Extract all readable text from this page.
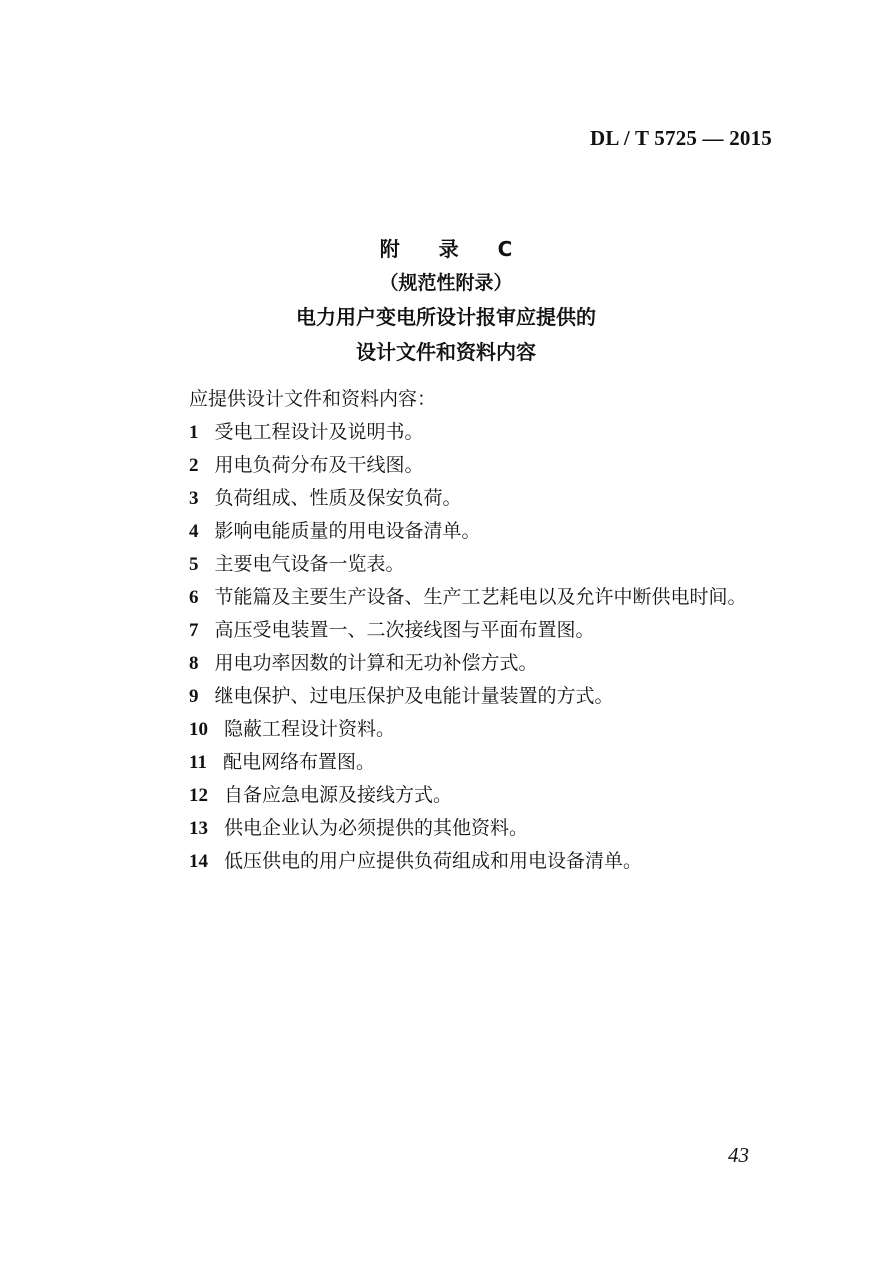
DL / T 5725 — 2015
附 录 C
（规范性附录）
电力用户变电所设计报审应提供的
设计文件和资料内容
应提供设计文件和资料内容：
1 受电工程设计及说明书。
2 用电负荷分布及干线图。
3 负荷组成、性质及保安负荷。
4 影响电能质量的用电设备清单。
5 主要电气设备一览表。
6 节能篇及主要生产设备、生产工艺耗电以及允许中断供电时间。
7 高压受电装置一、二次接线图与平面布置图。
8 用电功率因数的计算和无功补偿方式。
9 继电保护、过电压保护及电能计量装置的方式。
10 隐蔽工程设计资料。
11 配电网络布置图。
12 自备应急电源及接线方式。
13 供电企业认为必须提供的其他资料。
14 低压供电的用户应提供负荷组成和用电设备清单。
43
